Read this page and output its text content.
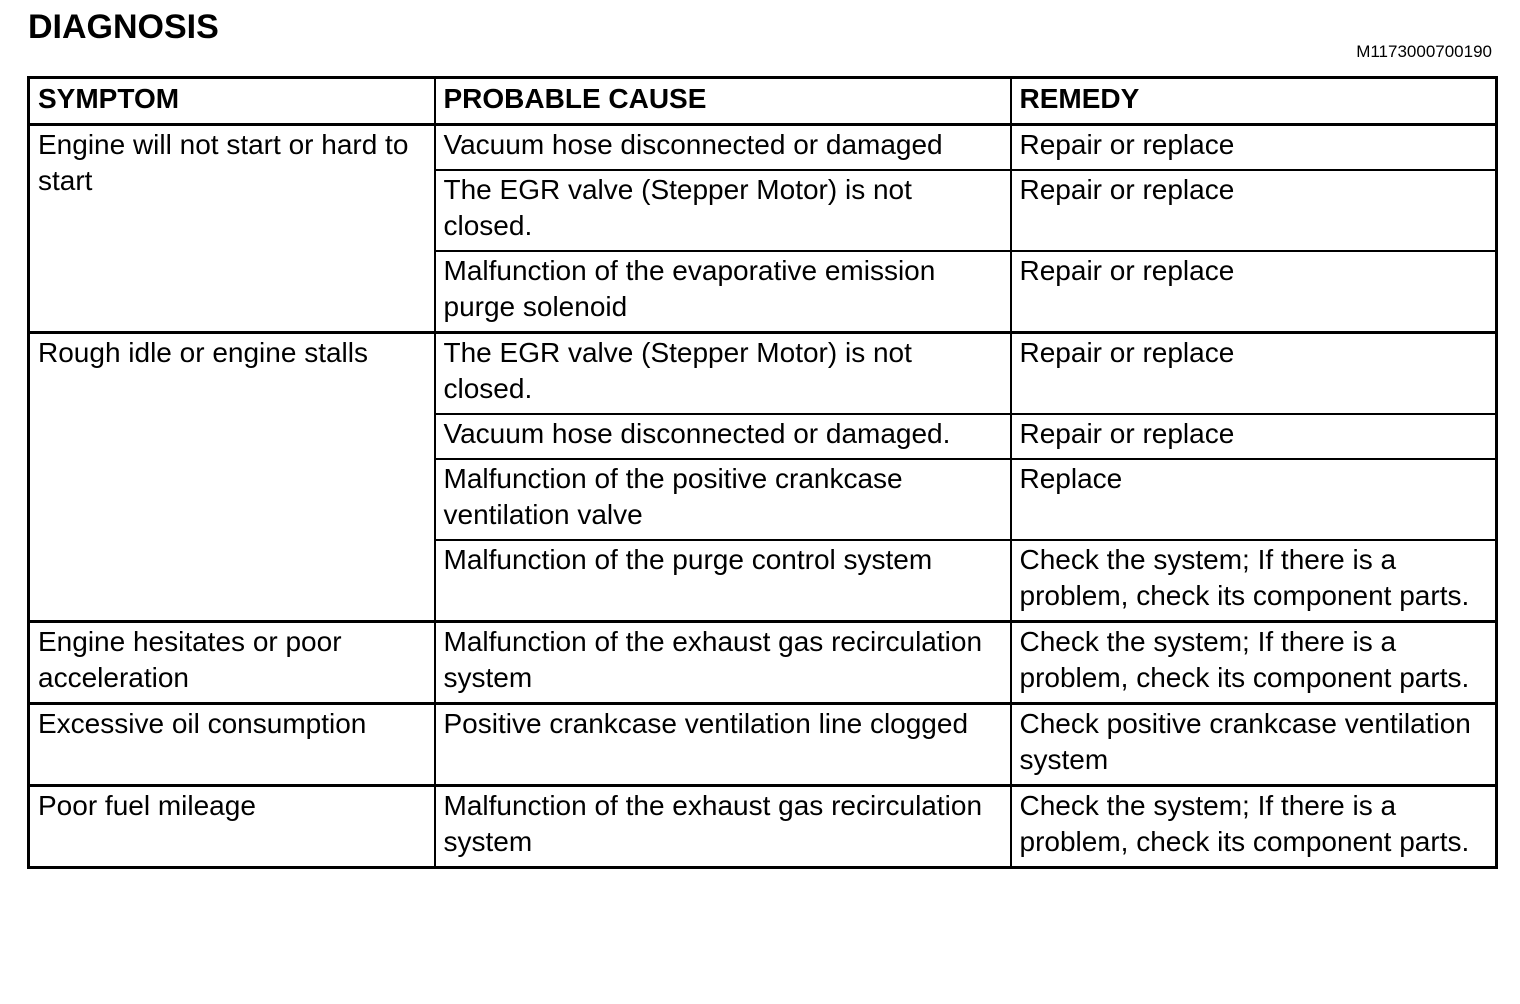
DIAGNOSIS
M1173000700190
SYMPTOM	PROBABLE CAUSE	REMEDY
Engine will not start or hard to start	Vacuum hose disconnected or damaged	Repair or replace
	The EGR valve (Stepper Motor) is not closed.	Repair or replace
	Malfunction of the evaporative emission purge solenoid	Repair or replace
Rough idle or engine stalls	The EGR valve (Stepper Motor) is not closed.	Repair or replace
	Vacuum hose disconnected or damaged.	Repair or replace
	Malfunction of the positive crankcase ventilation valve	Replace
	Malfunction of the purge control system	Check the system; If there is a problem, check its component parts.
Engine hesitates or poor acceleration	Malfunction of the exhaust gas recirculation system	Check the system; If there is a problem, check its component parts.
Excessive oil consumption	Positive crankcase ventilation line clogged	Check positive crankcase ventilation system
Poor fuel mileage	Malfunction of the exhaust gas recirculation system	Check the system; If there is a problem, check its component parts.
